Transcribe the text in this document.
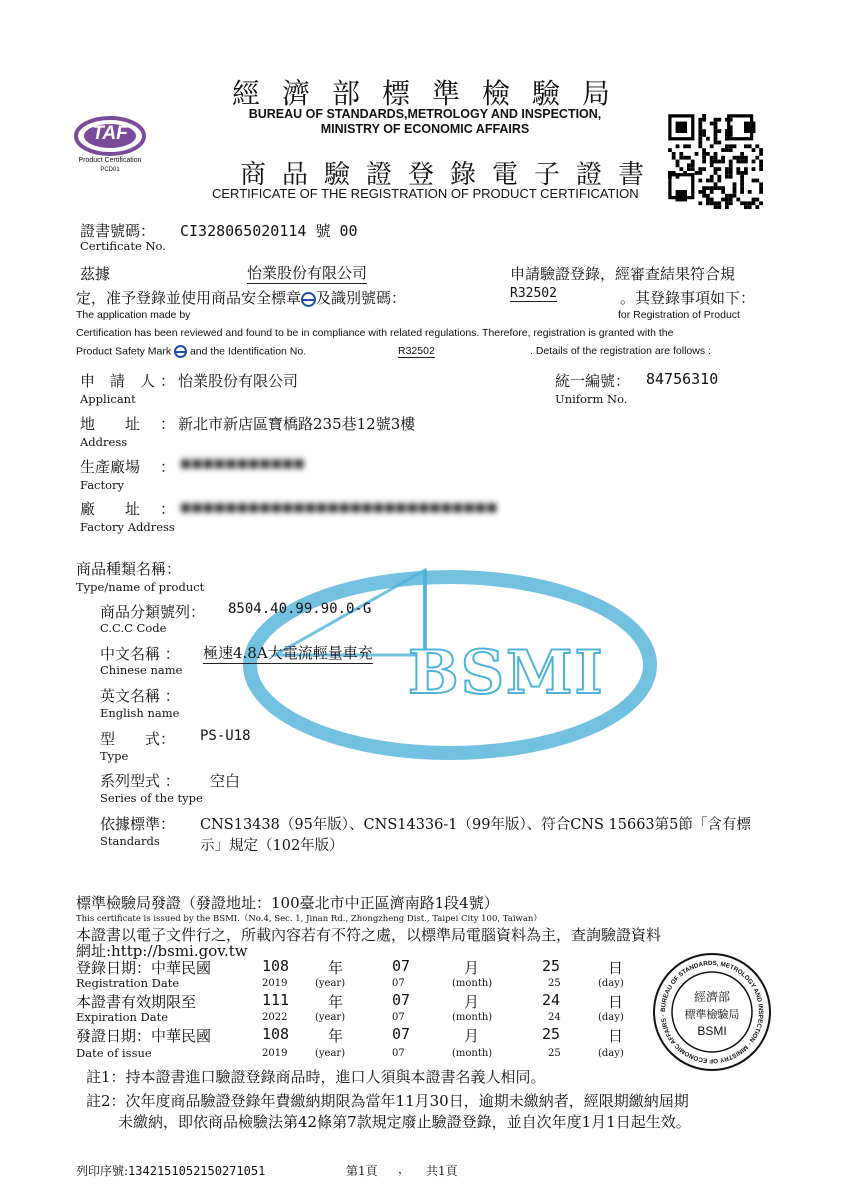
TAF
Product Certification
PCD01
經濟部標準檢驗局
BUREAU OF STANDARDS,METROLOGY AND INSPECTION,
MINISTRY OF ECONOMIC AFFAIRS
商品驗證登錄電子證書
CERTIFICATE OF THE REGISTRATION OF PRODUCT CERTIFICATION
證書號碼： CI328065020114 號 00
Certificate No.
茲據	怡業股份有限公司	申請驗證登錄，經審查結果符合規
定，准予登錄並使用商品安全標章 及識別號碼：	R32502	。其登錄事項如下：
The application made by	for Registration of Product
Certification has been reviewed and found to be in compliance with related regulations. Therefore, registration is granted with the
Product Safety Mark and the Identification No.	R32502	. Details of the registration are follows :
申　請　人 ： 怡業股份有限公司
Applicant
統一編號： 84756310
Uniform No.
地　　址 ： 新北市新店區寶橋路235巷12號3樓
Address
生產廠場 ： ■■■■■■■■■■■
Factory
廠　　址 ： ■■■■■■■■■■■■■■■■■■■■■■■■■■■■
Factory Address
BSMI
商品種類名稱：
Type/name of product
商品分類號列： 8504.40.99.90.0-G
C.C.C Code
中文名稱 ： 極速4.8A大電流輕量車充
Chinese name
英文名稱 ：
English name
型　　式： PS-U18
Type
系列型式 ： 空白
Series of the type
依據標準： CNS13438（95年版）、CNS14336-1（99年版）、符合CNS 15663第5節「含有標
Standards	示」規定（102年版）
標準檢驗局發證（發證地址：100臺北市中正區濟南路1段4號）
This certificate is issued by the BSMI.（No.4, Sec. 1, Jinan Rd., Zhongzheng Dist., Taipei City 100, Taiwan）
本證書以電子文件行之，所載內容若有不符之處，以標準局電腦資料為主，查詢驗證資料
網址:http://bsmi.gov.tw
登錄日期：中華民國	108	年	07	月	25	日
Registration Date	2019	(year)	07	(month)	25	(day)
本證書有效期限至	111	年	07	月	24	日
Expiration Date	2022	(year)	07	(month)	24	(day)
發證日期：中華民國	108	年	07	月	25	日
Date of issue	2019	(year)	07	(month)	25	(day)
BUREAU OF STANDARDS, METROLOGY AND INSPECTION · MINISTRY OF ECONOMIC AFFAIRS ·
經濟部
標準檢驗局
BSMI
註1：持本證書進口驗證登錄商品時，進口人須與本證書名義人相同。
註2：次年度商品驗證登錄年費繳納期限為當年11月30日，逾期未繳納者，經限期繳納屆期
未繳納，即依商品檢驗法第42條第7款規定廢止驗證登錄，並自次年度1月1日起生效。
列印序號:1342151052150271051	第1頁 ， 共1頁
